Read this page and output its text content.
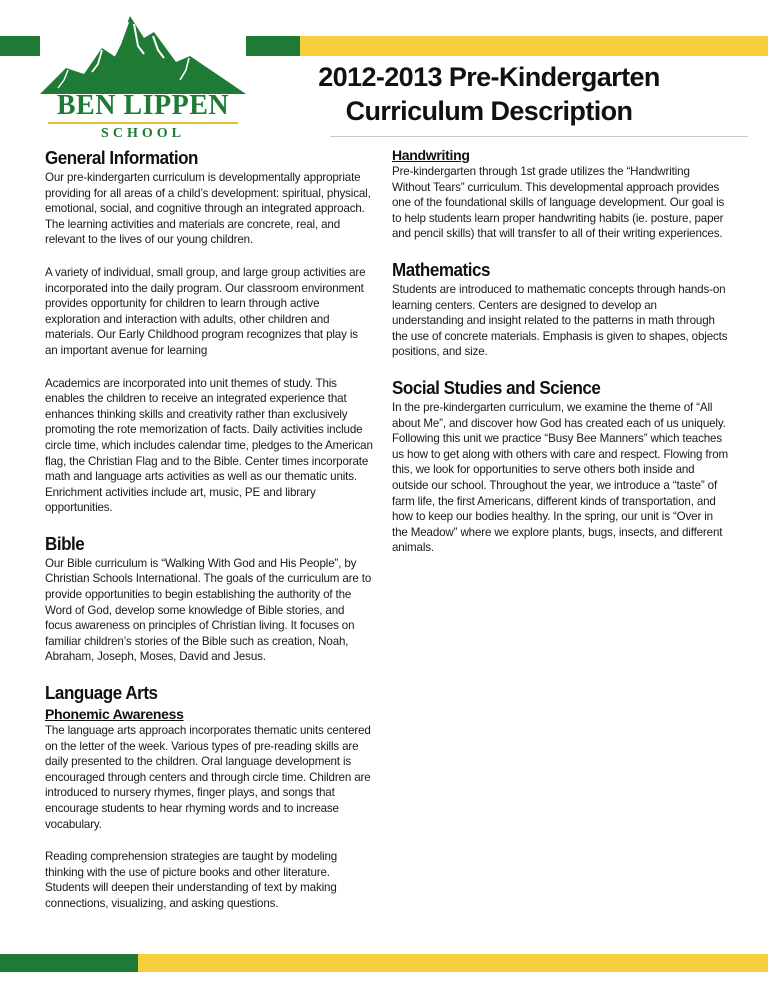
BEN LIPPEN
SCHOOL
2012-2013 Pre-Kindergarten
Curriculum Description
General Information

Our pre-kindergarten curriculum is developmentally appropriate providing for all areas of a child’s development: spiritual, physical, emotional, social, and cognitive through an integrated approach. The learning activities and materials are concrete, real, and relevant to the lives of our young children.

A variety of individual, small group, and large group activities are incorporated into the daily program. Our classroom environment provides opportunity for children to learn through active exploration and interaction with adults, other children and materials. Our Early Childhood program recognizes that play is an important avenue for learning

Academics are incorporated into unit themes of study. This enables the children to receive an integrated experience that enhances thinking skills and creativity rather than exclusively promoting the rote memorization of facts. Daily activities include circle time, which includes calendar time, pledges to the American flag, the Christian Flag and to the Bible. Center times incorporate math and language arts activities as well as our thematic units. Enrichment activities include art, music, PE and library opportunities.

Bible

Our Bible curriculum is “Walking With God and His People”, by Christian Schools International. The goals of the curriculum are to provide opportunities to begin establishing the authority of the Word of God, develop some knowledge of Bible stories, and focus awareness on principles of Christian living. It focuses on familiar children’s stories of the Bible such as creation, Noah, Abraham, Joseph, Moses, David and Jesus.

Language Arts
Phonemic Awareness

The language arts approach incorporates thematic units centered on the letter of the week. Various types of pre-reading skills are daily presented to the children. Oral language development is encouraged through centers and through circle time. Children are introduced to nursery rhymes, finger plays, and songs that encourage students to hear rhyming words and to increase vocabulary.

Reading comprehension strategies are taught by modeling thinking with the use of picture books and other literature. Students will deepen their understanding of text by making connections, visualizing, and asking questions.

Handwriting

Pre-kindergarten through 1st grade utilizes the “Handwriting Without Tears” curriculum. This developmental approach provides one of the foundational skills of language development. Our goal is to help students learn proper handwriting habits (ie. posture, paper and pencil skills) that will transfer to all of their writing experiences.

Mathematics

Students are introduced to mathematic concepts through hands-on learning centers. Centers are designed to develop an understanding and insight related to the patterns in math through the use of concrete materials. Emphasis is given to shapes, objects positions, and size.

Social Studies and Science

In the pre-kindergarten curriculum, we examine the theme of “All about Me”, and discover how God has created each of us uniquely. Following this unit we practice “Busy Bee Manners” which teaches us how to get along with others with care and respect. Flowing from this, we look for opportunities to serve others both inside and outside our school. Throughout the year, we introduce a “taste” of farm life, the first Americans, different kinds of transportation, and how to keep our bodies healthy. In the spring, our unit is “Over in the Meadow” where we explore plants, bugs, insects, and different animals.
